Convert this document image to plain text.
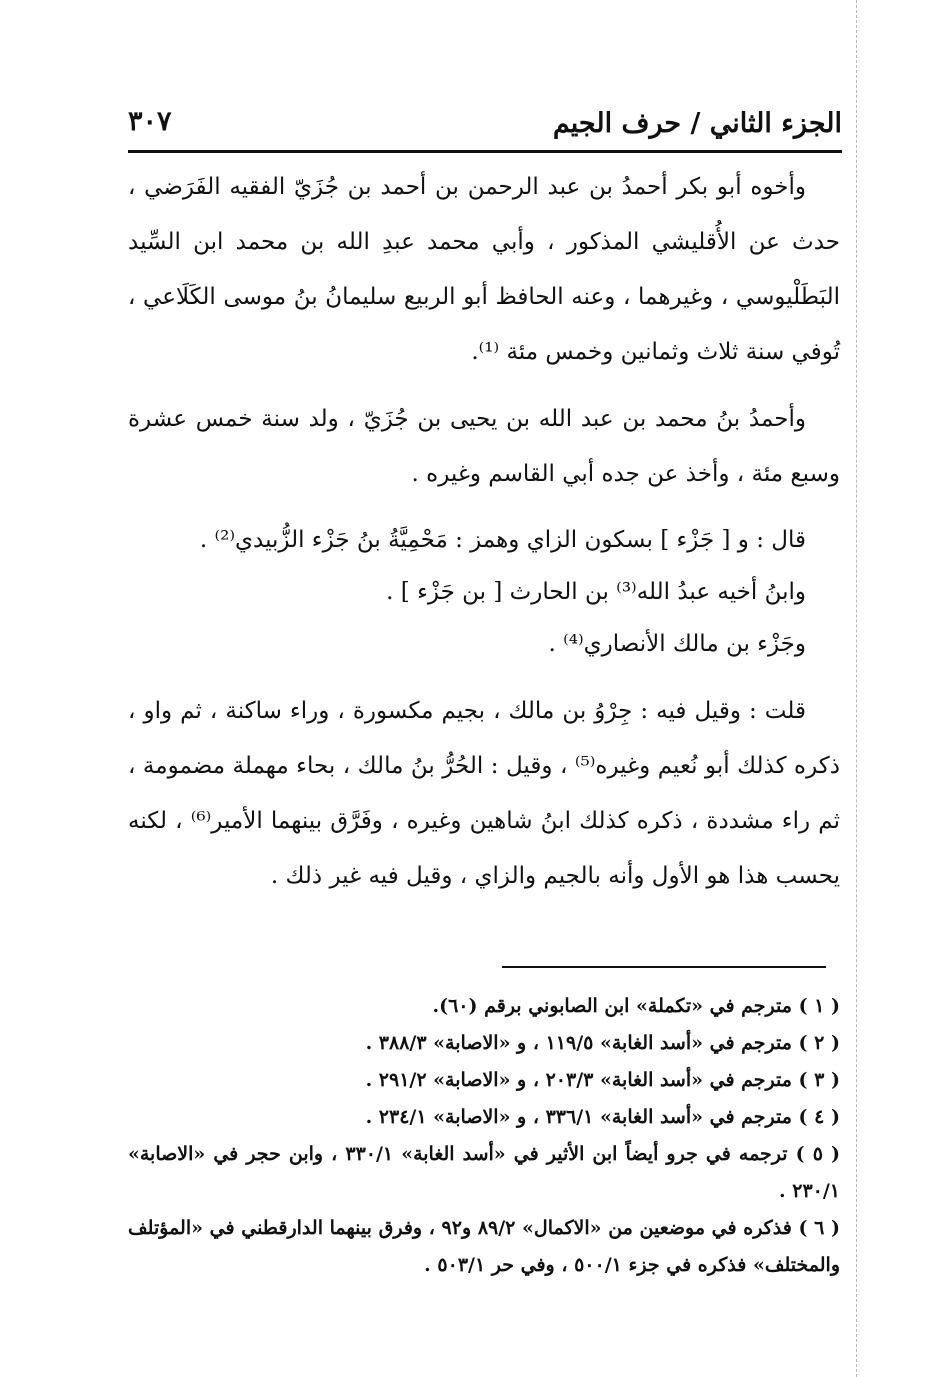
الجزء الثاني / حرف الجيم
٣٠٧

وأخوه أبو بكر أحمدُ بن عبد الرحمن بن أحمد بن جُزَيّ الفقيه الفَرَضي ، حدث عن الأُقليشي المذكور ، وأبي محمد عبدِ الله بن محمد ابن السِّيد البَطَلْيوسي ، وغيرهما ، وعنه الحافظ أبو الربيع سليمانُ بنُ موسى الكَلَاعي ، تُوفي سنة ثلاث وثمانين وخمس مئة ⁽¹⁾.

وأحمدُ بنُ محمد بن عبد الله بن يحيى بن جُزَيّ ، ولد سنة خمس عشرة وسبع مئة ، وأخذ عن جده أبي القاسم وغيره .

قال : و [ جَزْء ] بسكون الزاي وهمز : مَحْمِيَّةُ بنُ جَزْء الزُّبيدي⁽²⁾ .

وابنُ أخيه عبدُ الله⁽³⁾ بن الحارث [ بن جَزْء ] .

وجَزْء بن مالك الأنصاري⁽⁴⁾ .

قلت : وقيل فيه : جِرْوُ بن مالك ، بجيم مكسورة ، وراء ساكنة ، ثم واو ، ذكره كذلك أبو نُعيم وغيره⁽⁵⁾ ، وقيل : الحُرُّ بنُ مالك ، بحاء مهملة مضمومة ، ثم راء مشددة ، ذكره كذلك ابنُ شاهين وغيره ، وفَرَّق بينهما الأمير⁽⁶⁾ ، لكنه يحسب هذا هو الأول وأنه بالجيم والزاي ، وقيل فيه غير ذلك .

( ١ ) مترجم في «تكملة» ابن الصابوني برقم (٦٠).

( ٢ ) مترجم في «أسد الغابة» ١١٩/٥ ، و «الاصابة» ٣٨٨/٣ .

( ٣ ) مترجم في «أسد الغابة» ٢٠٣/٣ ، و «الاصابة» ٢٩١/٢ .

( ٤ ) مترجم في «أسد الغابة» ٣٣٦/١ ، و «الاصابة» ٢٣٤/١ .

( ٥ ) ترجمه في جرو أيضاً ابن الأثير في «أسد الغابة» ٣٣٠/١ ، وابن حجر في «الاصابة» ٢٣٠/١ .

( ٦ ) فذكره في موضعين من «الاكمال» ٨٩/٢ و٩٢ ، وفرق بينهما الدارقطني في «المؤتلف والمختلف» فذكره في جزء ٥٠٠/١ ، وفي حر ٥٠٣/١ .
